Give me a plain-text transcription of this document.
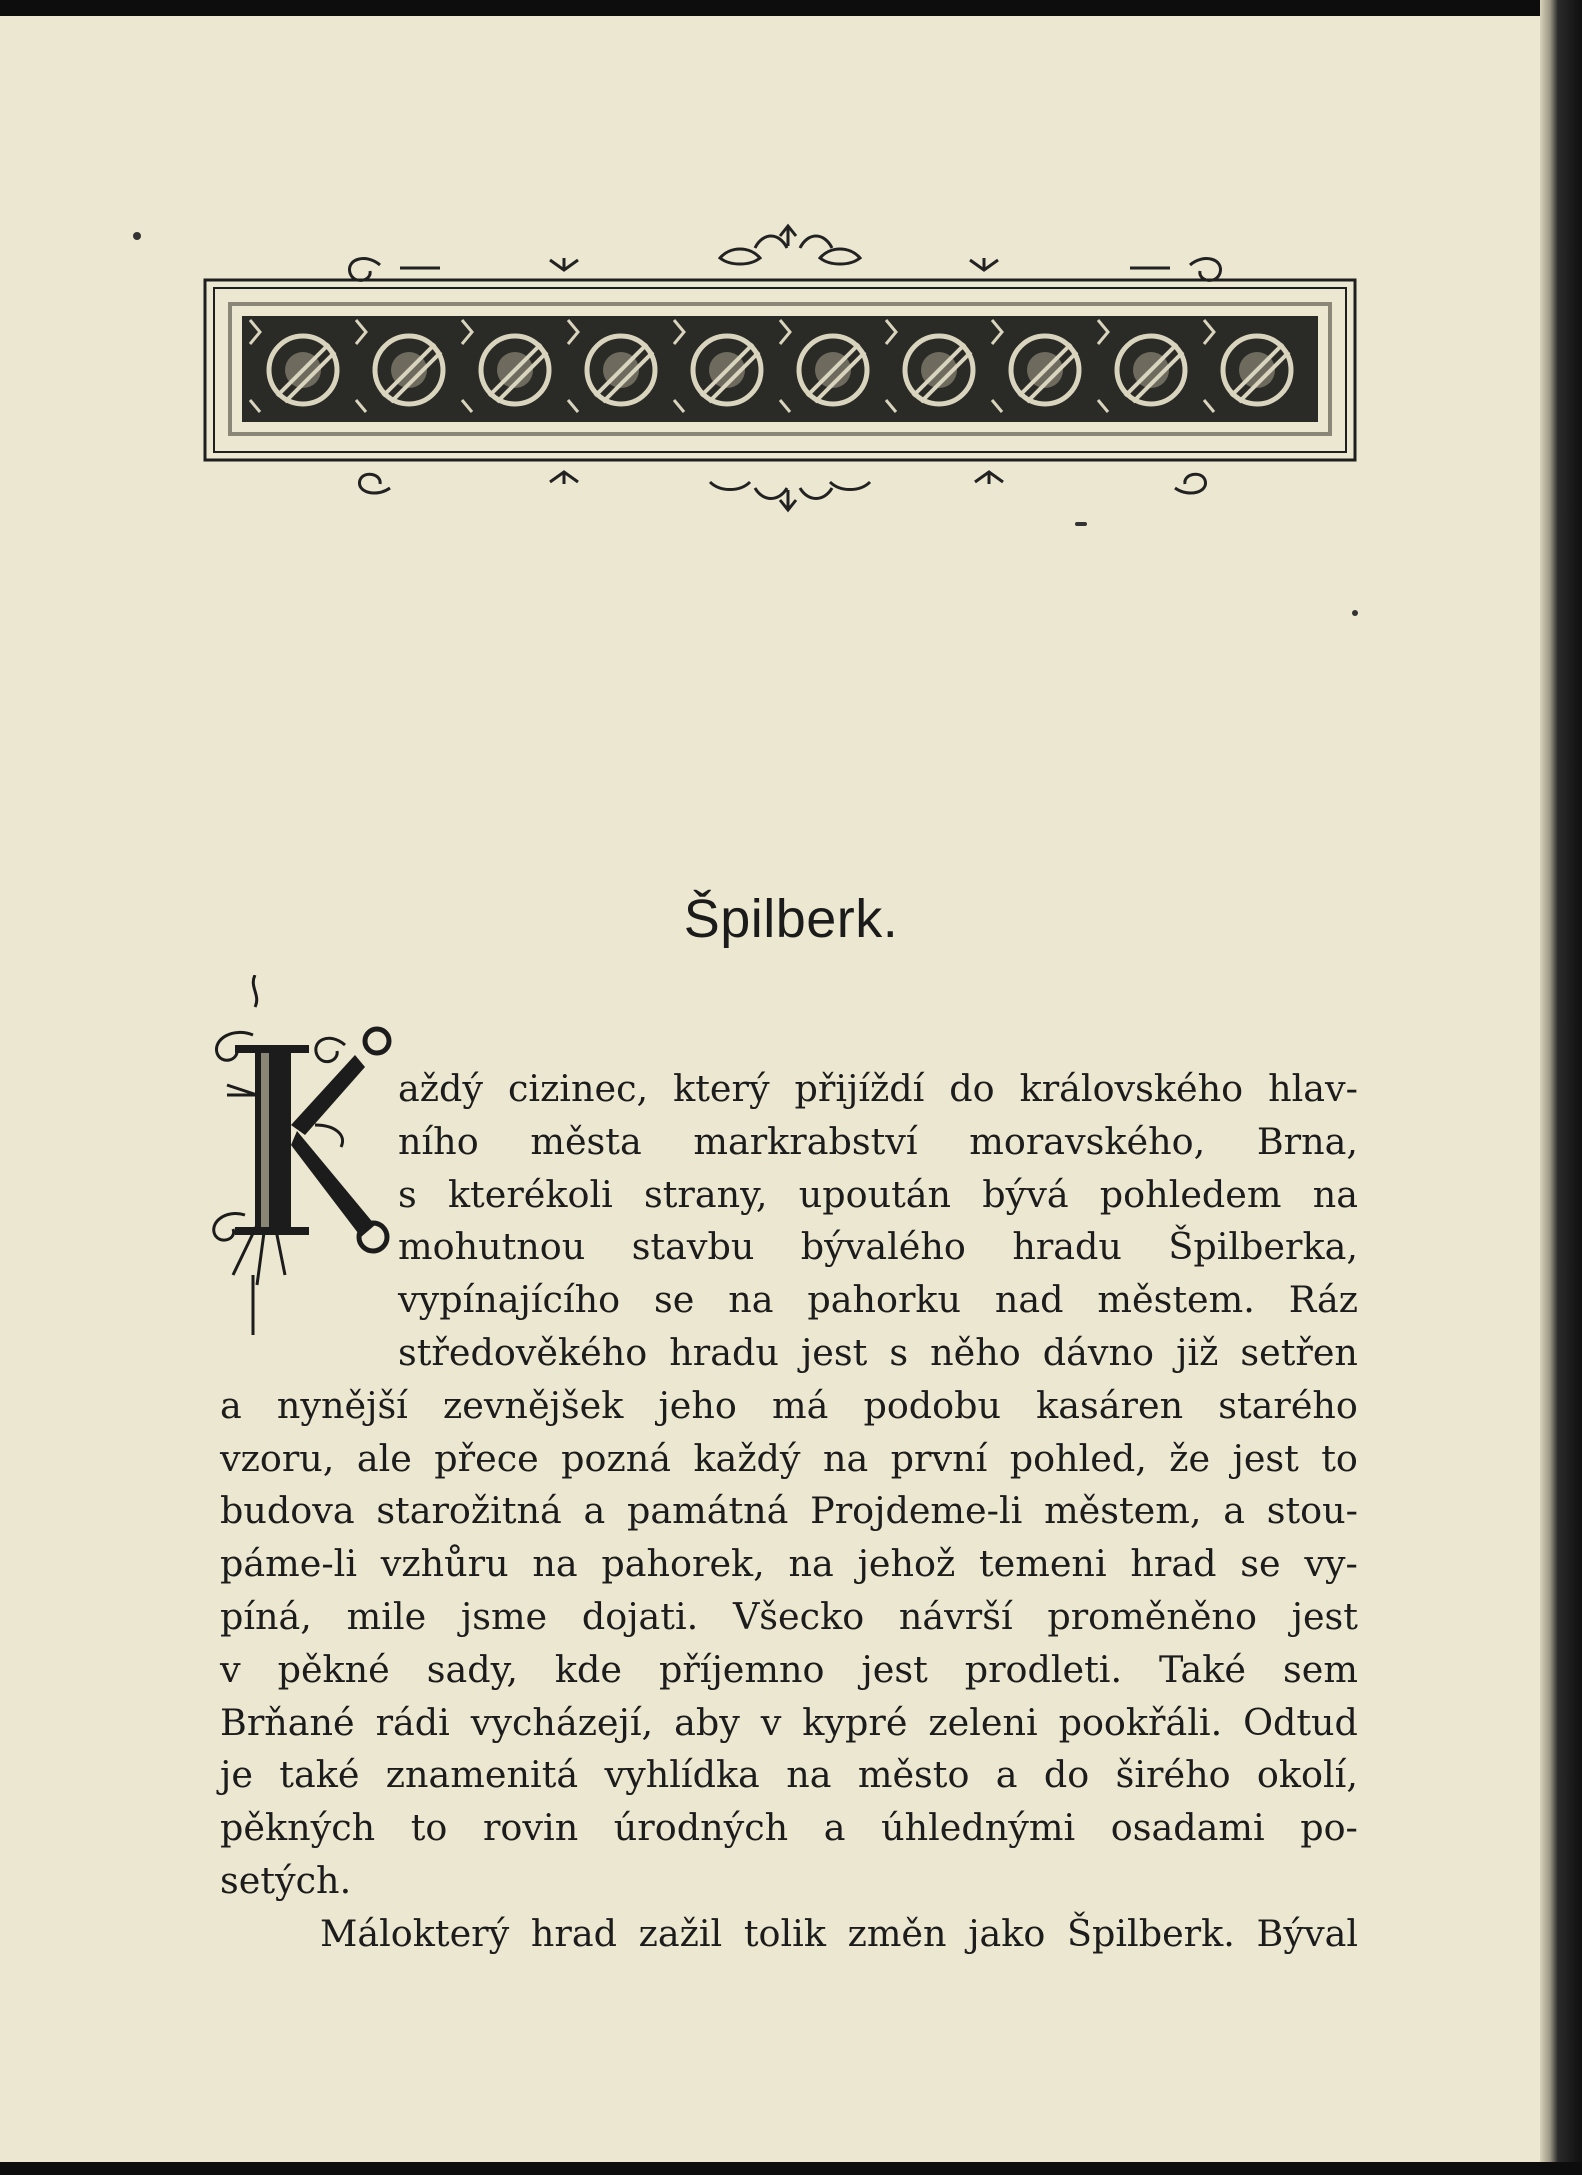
Špilberk.
aždý cizinec, který přijíždí do královského hlav-
ního města markrabství moravského, Brna,
s kterékoli strany, upoután bývá pohledem na
mohutnou stavbu bývalého hradu Špilberka,
vypínajícího se na pahorku nad městem. Ráz
středověkého hradu jest s něho dávno již setřen
a nynější zevnějšek jeho má podobu kasáren starého
vzoru, ale přece pozná každý na první pohled, že jest to
budova starožitná a památná Projdeme-li městem, a stou-
páme-li vzhůru na pahorek, na jehož temeni hrad se vy-
píná, mile jsme dojati. Všecko návrší proměněno jest
v pěkné sady, kde příjemno jest prodleti. Také sem
Brňané rádi vycházejí, aby v kypré zeleni pookřáli. Odtud
je také znamenitá vyhlídka na město a do širého okolí,
pěkných to rovin úrodných a úhlednými osadami po-
setých.
Málokterý hrad zažil tolik změn jako Špilberk. Býval
